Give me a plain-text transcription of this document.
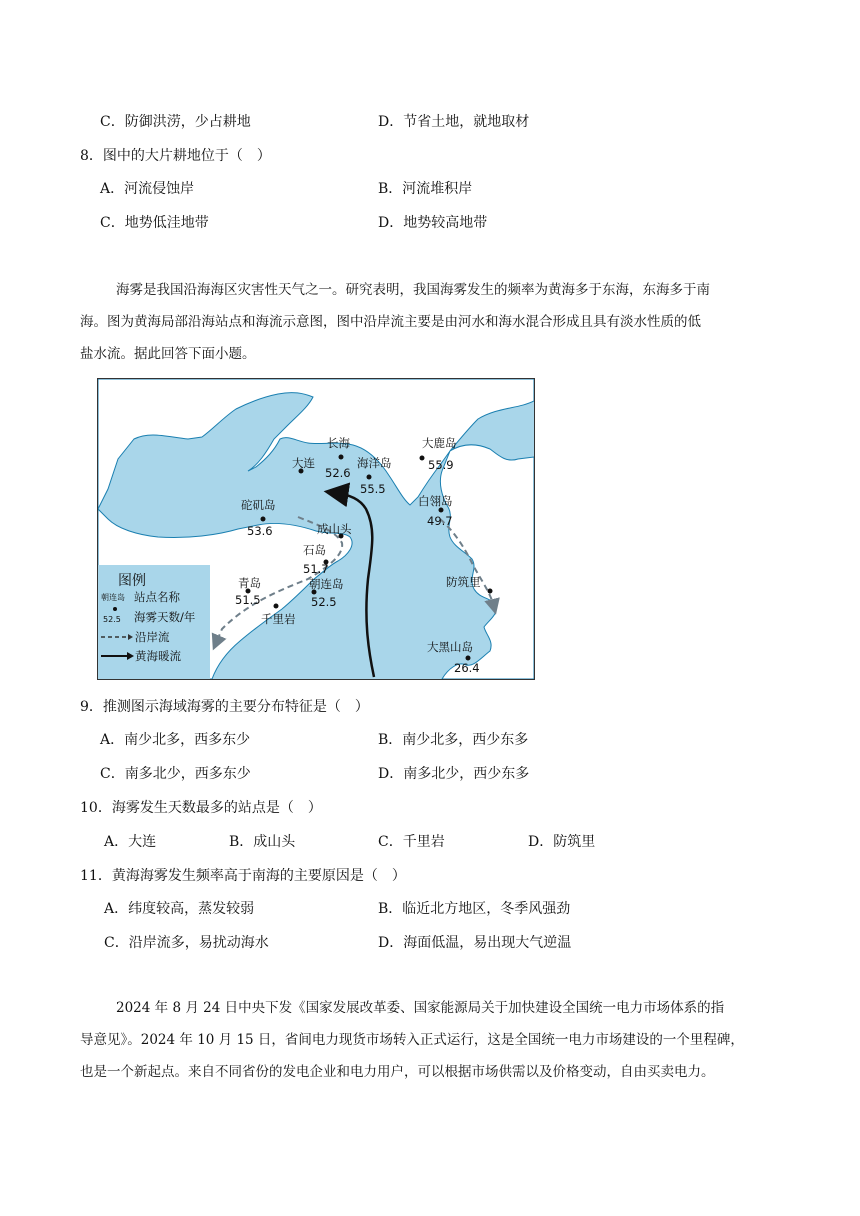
C．防御洪涝，少占耕地	D．节省土地，就地取材
8．图中的大片耕地位于（　）
A．河流侵蚀岸	B．河流堆积岸
C．地势低洼地带	D．地势较高地带
海雾是我国沿海海区灾害性天气之一。研究表明，我国海雾发生的频率为黄海多于东海，东海多于南
海。图为黄海局部沿海站点和海流示意图，图中沿岸流主要是由河水和海水混合形成且具有淡水性质的低
盐水流。据此回答下面小题。
大连
长海
52.6
海洋岛
55.5
大鹿岛
55.9
白翎岛
49.7
砣矶岛
53.6	成山头
石岛
51.7
青岛
51.5
朝连岛
52.5
千里岩
防筑里
大黑山岛
26.4
图例
朝连岛
52.5
站点名称
海雾天数/年
沿岸流
黄海暖流
9．推测图示海域海雾的主要分布特征是（　）
A．南少北多，西多东少	B．南少北多，西少东多
C．南多北少，西多东少	D．南多北少，西少东多
10．海雾发生天数最多的站点是（　）
A．大连	B．成山头	C．千里岩	D．防筑里
11．黄海海雾发生频率高于南海的主要原因是（　）
A．纬度较高，蒸发较弱	B．临近北方地区，冬季风强劲
C．沿岸流多，易扰动海水	D．海面低温，易出现大气逆温
2024 年 8 月 24 日中央下发《国家发展改革委、国家能源局关于加快建设全国统一电力市场体系的指
导意见》。2024 年 10 月 15 日，省间电力现货市场转入正式运行，这是全国统一电力市场建设的一个里程碑，
也是一个新起点。来自不同省份的发电企业和电力用户，可以根据市场供需以及价格变动，自由买卖电力。
